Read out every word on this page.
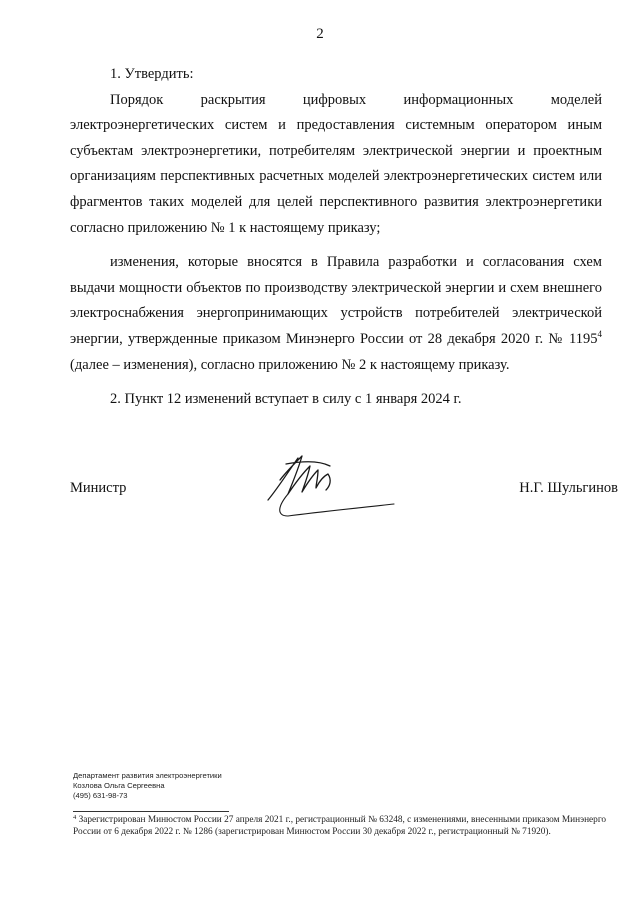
2

1. Утвердить:

Порядок раскрытия цифровых информационных моделей электроэнергетических систем и предоставления системным оператором иным субъектам электроэнергетики, потребителям электрической энергии и проектным организациям перспективных расчетных моделей электроэнергетических систем или фрагментов таких моделей для целей перспективного развития электроэнергетики согласно приложению № 1 к настоящему приказу;

изменения, которые вносятся в Правила разработки и согласования схем выдачи мощности объектов по производству электрической энергии и схем внешнего электроснабжения энергопринимающих устройств потребителей электрической энергии, утвержденные приказом Минэнерго России от 28 декабря 2020 г. № 1195$^4$ (далее – изменения), согласно приложению № 2 к настоящему приказу.

2. Пункт 12 изменений вступает в силу с 1 января 2024 г.

Министр	Н.Г. Шульгинов
Департамент развития электроэнергетики
Козлова Ольга Сергеевна
(495) 631-98-73
$^4$ Зарегистрирован Минюстом России 27 апреля 2021 г., регистрационный № 63248, с изменениями, внесенными приказом Минэнерго России от 6 декабря 2022 г. № 1286 (зарегистрирован Минюстом России 30 декабря 2022 г., регистрационный № 71920).
